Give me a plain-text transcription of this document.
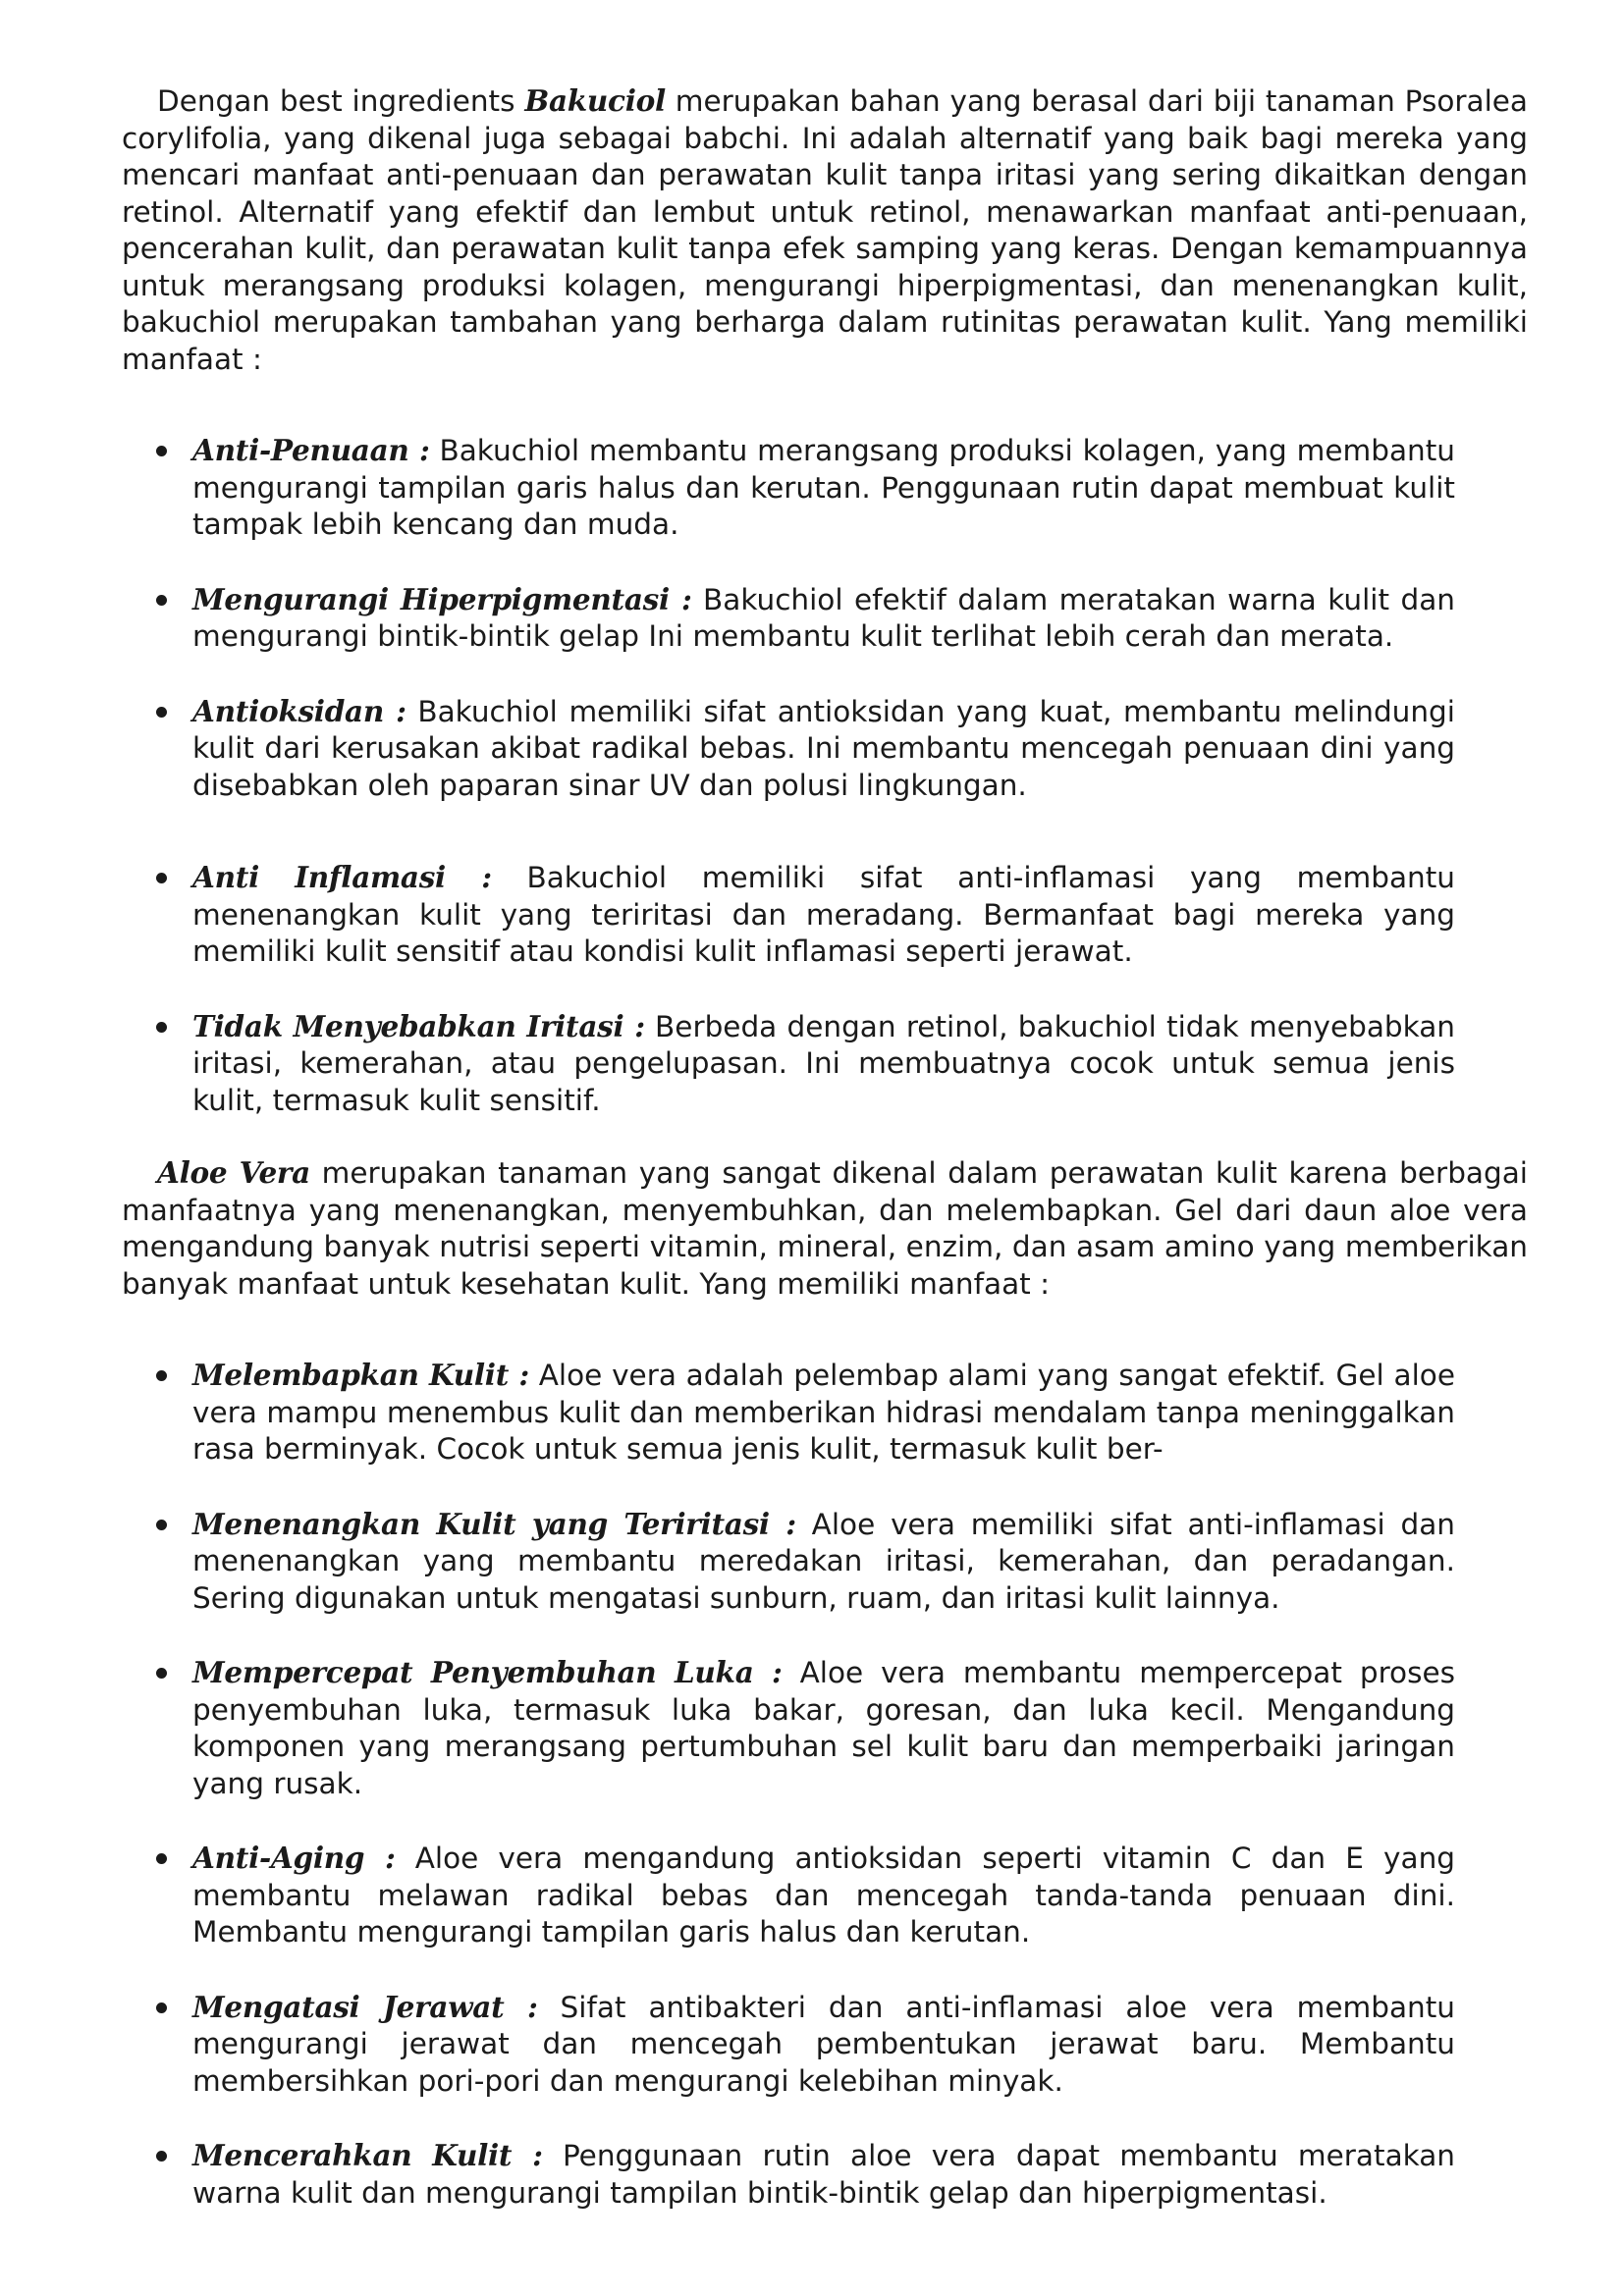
Dengan best ingredients Bakuciol merupakan bahan yang berasal dari biji tanaman Psoralea corylifolia, yang dikenal juga sebagai babchi. Ini adalah alternatif yang baik bagi mereka yang mencari manfaat anti-penuaan dan perawatan kulit tanpa iritasi yang sering dikaitkan dengan retinol. Alternatif yang efektif dan lembut untuk retinol, menawarkan manfaat anti-penuaan, pencerahan kulit, dan perawatan kulit tanpa efek samping yang keras. Dengan kemampuannya untuk merangsang produksi kolagen, mengurangi hiperpigmentasi, dan menenangkan kulit, bakuchiol merupakan tambahan yang berharga dalam rutinitas perawatan kulit. Yang memiliki manfaat :

Anti-Penuaan : Bakuchiol membantu merangsang produksi kolagen, yang membantu mengurangi tampilan garis halus dan kerutan. Penggunaan rutin dapat membuat kulit tampak lebih kencang dan muda.
Mengurangi Hiperpigmentasi : Bakuchiol efektif dalam meratakan warna kulit dan mengurangi bintik-bintik gelap Ini membantu kulit terlihat lebih cerah dan merata.
Antioksidan : Bakuchiol memiliki sifat antioksidan yang kuat, membantu melindungi kulit dari kerusakan akibat radikal bebas. Ini membantu mencegah penuaan dini yang disebabkan oleh paparan sinar UV dan polusi lingkungan.
Anti Inflamasi : Bakuchiol memiliki sifat anti-inflamasi yang membantu menenangkan kulit yang teriritasi dan meradang. Bermanfaat bagi mereka yang memiliki kulit sensitif atau kondisi kulit inflamasi seperti jerawat.
Tidak Menyebabkan Iritasi : Berbeda dengan retinol, bakuchiol tidak menyebabkan iritasi, kemerahan, atau pengelupasan. Ini membuatnya cocok untuk semua jenis kulit, termasuk kulit sensitif.

Aloe Vera merupakan tanaman yang sangat dikenal dalam perawatan kulit karena berbagai manfaatnya yang menenangkan, menyembuhkan, dan melembapkan. Gel dari daun aloe vera mengandung banyak nutrisi seperti vitamin, mineral, enzim, dan asam amino yang memberikan banyak manfaat untuk kesehatan kulit. Yang memiliki manfaat :

Melembapkan Kulit : Aloe vera adalah pelembap alami yang sangat efektif. Gel aloe vera mampu menembus kulit dan memberikan hidrasi mendalam tanpa meninggalkan rasa berminyak. Cocok untuk semua jenis kulit, termasuk kulit ber-
Menenangkan Kulit yang Teriritasi : Aloe vera memiliki sifat anti-inflamasi dan menenangkan yang membantu meredakan iritasi, kemerahan, dan peradangan. Sering digunakan untuk mengatasi sunburn, ruam, dan iritasi kulit lainnya.
Mempercepat Penyembuhan Luka : Aloe vera membantu mempercepat proses penyembuhan luka, termasuk luka bakar, goresan, dan luka kecil. Mengandung komponen yang merangsang pertumbuhan sel kulit baru dan memperbaiki jaringan yang rusak.
Anti-Aging : Aloe vera mengandung antioksidan seperti vitamin C dan E yang membantu melawan radikal bebas dan mencegah tanda-tanda penuaan dini. Membantu mengurangi tampilan garis halus dan kerutan.
Mengatasi Jerawat : Sifat antibakteri dan anti-inflamasi aloe vera membantu mengurangi jerawat dan mencegah pembentukan jerawat baru. Membantu membersihkan pori-pori dan mengurangi kelebihan minyak.
Mencerahkan Kulit : Penggunaan rutin aloe vera dapat membantu meratakan warna kulit dan mengurangi tampilan bintik-bintik gelap dan hiperpigmentasi.
